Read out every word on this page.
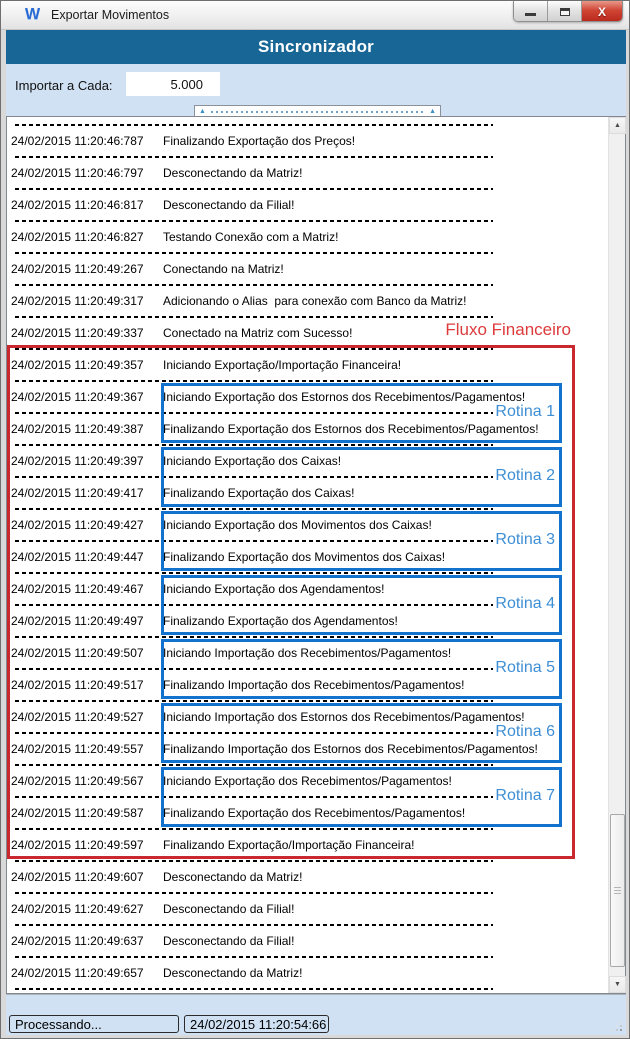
W Exportar Movimentos	X
Sincronizador
Importar a Cada:
5.000
▲	▲
24/02/2015 11:20:46:787	Finalizando Exportação dos Preços!
24/02/2015 11:20:46:797	Desconectando da Matriz!
24/02/2015 11:20:46:817	Desconectando da Filial!
24/02/2015 11:20:46:827	Testando Conexão com a Matriz!
24/02/2015 11:20:49:267	Conectando na Matriz!
24/02/2015 11:20:49:317	Adicionando o Alias  para conexão com Banco da Matriz!
24/02/2015 11:20:49:337	Conectado na Matriz com Sucesso!
24/02/2015 11:20:49:357	Iniciando Exportação/Importação Financeira!
24/02/2015 11:20:49:367	Iniciando Exportação dos Estornos dos Recebimentos/Pagamentos!
24/02/2015 11:20:49:387	Finalizando Exportação dos Estornos dos Recebimentos/Pagamentos!
24/02/2015 11:20:49:397	Iniciando Exportação dos Caixas!
24/02/2015 11:20:49:417	Finalizando Exportação dos Caixas!
24/02/2015 11:20:49:427	Iniciando Exportação dos Movimentos dos Caixas!
24/02/2015 11:20:49:447	Finalizando Exportação dos Movimentos dos Caixas!
24/02/2015 11:20:49:467	Iniciando Exportação dos Agendamentos!
24/02/2015 11:20:49:497	Finalizando Exportação dos Agendamentos!
24/02/2015 11:20:49:507	Iniciando Importação dos Recebimentos/Pagamentos!
24/02/2015 11:20:49:517	Finalizando Importação dos Recebimentos/Pagamentos!
24/02/2015 11:20:49:527	Iniciando Importação dos Estornos dos Recebimentos/Pagamentos!
24/02/2015 11:20:49:557	Finalizando Importação dos Estornos dos Recebimentos/Pagamentos!
24/02/2015 11:20:49:567	Iniciando Exportação dos Recebimentos/Pagamentos!
24/02/2015 11:20:49:587	Finalizando Exportação dos Recebimentos/Pagamentos!
24/02/2015 11:20:49:597	Finalizando Exportação/Importação Financeira!
24/02/2015 11:20:49:607	Desconectando da Matriz!
24/02/2015 11:20:49:627	Desconectando da Filial!
24/02/2015 11:20:49:637	Desconectando da Filial!
24/02/2015 11:20:49:657	Desconectando da Matriz!
▲
▼
Fluxo Financeiro
Rotina 1
Rotina 2
Rotina 3
Rotina 4
Rotina 5
Rotina 6
Rotina 7
Processando...	24/02/2015 11:20:54:66
